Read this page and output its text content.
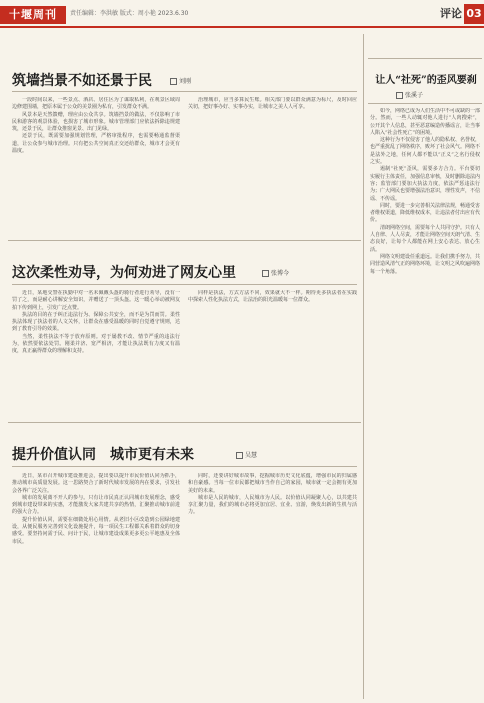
十堰周刊	责任编辑：李洪敏 版式：周小艳 2023.6.30	评论 03
筑墙挡景不如还景于民	刘刚

一段时间以来，一些景点、酒店、居住区为了谋取私利，在观景区域周边修建围墙，把原本属于公众的美景圈为私有，引发群众不满。

风景本是天然馈赠，理应由公众共享。筑墙挡景的做法，不仅影响了市民和游客的观景体验，也损害了城市形象。城市管理部门应依法拆除违规建筑，还景于民，让群众推窗见景、出门见绿。

还景于民，既需要加强规划管理，严格审批程序，也需要畅通监督渠道，让公众参与城市治理。只有把公共空间真正交还给群众，城市才会更有温度。

治理城市，应当多算民生账。相关部门要以群众满意为标尺，及时回应关切，把好事办好、实事办实，让城市之美人人可享。

这次柔性劝导，为何劝进了网友心里	张博今

近日，某地交警在执勤中对一名未佩戴头盔的骑行者进行劝导，没有一罚了之，而是耐心讲解安全知识，并赠送了一顶头盔。这一暖心举动被网友拍下传到网上，引发广泛点赞。

执法的目的在于纠正违法行为、保障公共安全，而不是为罚而罚。柔性执法体现了执法者的人文关怀，让群众在感受温暖的同时自觉遵守规则，达到了教育引导的效果。

当然，柔性执法不等于放弃原则。对于屡教不改、情节严重的违法行为，依然要依法处罚。刚柔并济、宽严相济，才能让执法既有力度又有温度，真正赢得群众的理解和支持。

同样是执法，方式方法不同，效果就大不一样。期待更多执法者在实践中探索人性化执法方式，让法治的阳光温暖每一位群众。

提升价值认同　城市更有未来	吴慧

近日，某市召开城市建设推进会，提出要以提升市民价值认同为抓手，推动城市高质量发展。这一思路契合了新时代城市发展的内在要求，引发社会各界广泛关注。

城市的发展离不开人的参与。只有让市民真正认同城市发展理念，感受到城市建设带来的实惠，才能激发大家共建共享的热情，汇聚推动城市前进的强大合力。

提升价值认同，需要在细微处用心用情。从老旧小区改造到公园绿地建设，从便民服务完善到文化设施提升，每一项民生工程都关系着群众的切身感受。要坚持问需于民、问计于民，让城市建设成果更多更公平地惠及全体市民。

同时，还要讲好城市故事，挖掘城市历史文化底蕴，增强市民的归属感和自豪感。当每一位市民都把城市当作自己的家园，城市就一定会拥有更加美好的未来。

城市是人民的城市，人民城市为人民。以价值认同凝聚人心，以共建共享汇聚力量，我们的城市必将更加宜居、宜业、宜游，焕发出新的生机与活力。

让人“社死”的歪风要刹
张溪子

如今，网络已成为人们生活中不可或缺的一部分。然而，一些人动辄对他人进行“人肉搜索”，公开其个人信息，甚至恶意编造传播谣言，让当事人陷入“社会性死亡”的困境。

这种行为不仅侵害了他人的隐私权、名誉权，也严重扰乱了网络秩序，败坏了社会风气。网络不是法外之地，任何人都不能以“正义”之名行侵权之实。

遏制“社死”歪风，需要多方合力。平台要切实履行主体责任，加强信息审核，及时删除违法内容；监管部门要加大执法力度，依法严惩违法行为；广大网民也要增强法治意识，理性发声，不信谣、不传谣。

同时，要进一步完善相关法律法规，畅通受害者维权渠道，降低维权成本，让违法者付出应有代价。

清朗网络空间，需要每个人共同守护。只有人人自律、人人尽责，才能让网络空间天朗气清、生态良好，让每个人都能在网上安心表达、放心生活。

网络文明建设任重道远。让我们携手努力，共同营造风清气正的网络环境，让文明之风吹遍网络每一个角落。
